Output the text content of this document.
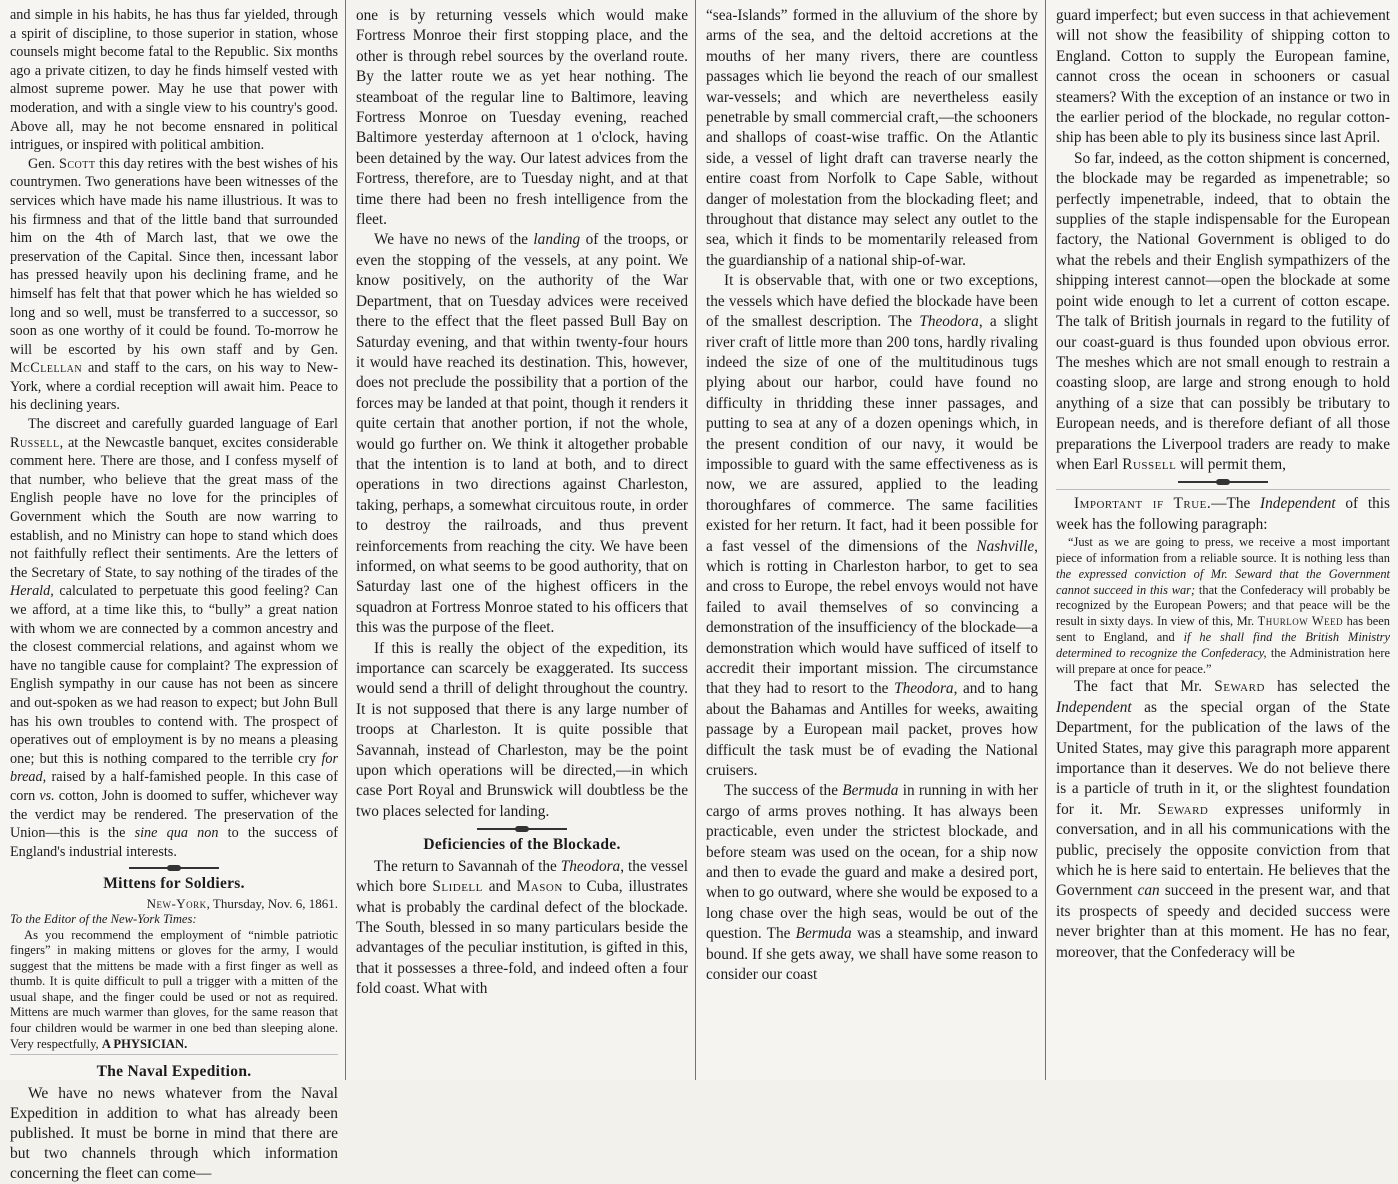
and simple in his habits, he has thus far yielded, through a spirit of discipline, to those superior in station, whose counsels might become fatal to the Republic. Six months ago a private citizen, to day he finds himself vested with almost supreme power. May he use that power with moderation, and with a single view to his country's good. Above all, may he not become ensnared in political intrigues, or inspired with political ambition.

Gen. Scott this day retires with the best wishes of his countrymen. Two generations have been witnesses of the services which have made his name illustrious. It was to his firmness and that of the little band that surrounded him on the 4th of March last, that we owe the preservation of the Capital. Since then, incessant labor has pressed heavily upon his declining frame, and he himself has felt that that power which he has wielded so long and so well, must be transferred to a successor, so soon as one worthy of it could be found. To-morrow he will be escorted by his own staff and by Gen. McClellan and staff to the cars, on his way to New-York, where a cordial reception will await him. Peace to his declining years.

The discreet and carefully guarded language of Earl Russell, at the Newcastle banquet, excites considerable comment here. There are those, and I confess myself of that number, who believe that the great mass of the English people have no love for the principles of Government which the South are now warring to establish, and no Ministry can hope to stand which does not faithfully reflect their sentiments. Are the letters of the Secretary of State, to say nothing of the tirades of the Herald, calculated to perpetuate this good feeling? Can we afford, at a time like this, to “bully” a great nation with whom we are connected by a common ancestry and the closest commercial relations, and against whom we have no tangible cause for complaint? The expression of English sympathy in our cause has not been as sincere and out-spoken as we had reason to expect; but John Bull has his own troubles to contend with. The prospect of operatives out of employment is by no means a pleasing one; but this is nothing compared to the terrible cry for bread, raised by a half-famished people. In this case of corn vs. cotton, John is doomed to suffer, whichever way the verdict may be rendered. The preservation of the Union—this is the sine qua non to the success of England's industrial interests.

Mittens for Soldiers.
New-York, Thursday, Nov. 6, 1861.
To the Editor of the New-York Times:

As you recommend the employment of “nimble patriotic fingers” in making mittens or gloves for the army, I would suggest that the mittens be made with a first finger as well as thumb. It is quite difficult to pull a trigger with a mitten of the usual shape, and the finger could be used or not as required. Mittens are much warmer than gloves, for the same reason that four children would be warmer in one bed than sleeping alone. Very respectfully, A PHYSICIAN.

The Naval Expedition.

We have no news whatever from the Naval Expedition in addition to what has already been published. It must be borne in mind that there are but two channels through which information concerning the fleet can come—

one is by returning vessels which would make Fortress Monroe their first stopping place, and the other is through rebel sources by the overland route. By the latter route we as yet hear nothing. The steamboat of the regular line to Baltimore, leaving Fortress Monroe on Tuesday evening, reached Baltimore yesterday afternoon at 1 o'clock, having been detained by the way. Our latest advices from the Fortress, therefore, are to Tuesday night, and at that time there had been no fresh intelligence from the fleet.

We have no news of the landing of the troops, or even the stopping of the vessels, at any point. We know positively, on the authority of the War Department, that on Tuesday advices were received there to the effect that the fleet passed Bull Bay on Saturday evening, and that within twenty-four hours it would have reached its destination. This, however, does not preclude the possibility that a portion of the forces may be landed at that point, though it renders it quite certain that another portion, if not the whole, would go further on. We think it altogether probable that the intention is to land at both, and to direct operations in two directions against Charleston, taking, perhaps, a somewhat circuitous route, in order to destroy the railroads, and thus prevent reinforcements from reaching the city. We have been informed, on what seems to be good authority, that on Saturday last one of the highest officers in the squadron at Fortress Monroe stated to his officers that this was the purpose of the fleet.

If this is really the object of the expedition, its importance can scarcely be exaggerated. Its success would send a thrill of delight throughout the country. It is not supposed that there is any large number of troops at Charleston. It is quite possible that Savannah, instead of Charleston, may be the point upon which operations will be directed,—in which case Port Royal and Brunswick will doubtless be the two places selected for landing.

Deficiencies of the Blockade.

The return to Savannah of the Theodora, the vessel which bore Slidell and Mason to Cuba, illustrates what is probably the cardinal defect of the blockade. The South, blessed in so many particulars beside the advantages of the peculiar institution, is gifted in this, that it possesses a three-fold, and indeed often a four fold coast. What with

“sea-Islands” formed in the alluvium of the shore by arms of the sea, and the deltoid accretions at the mouths of her many rivers, there are countless passages which lie beyond the reach of our smallest war-vessels; and which are nevertheless easily penetrable by small commercial craft,—the schooners and shallops of coast-wise traffic. On the Atlantic side, a vessel of light draft can traverse nearly the entire coast from Norfolk to Cape Sable, without danger of molestation from the blockading fleet; and throughout that distance may select any outlet to the sea, which it finds to be momentarily released from the guardianship of a national ship-of-war.

It is observable that, with one or two exceptions, the vessels which have defied the blockade have been of the smallest description. The Theodora, a slight river craft of little more than 200 tons, hardly rivaling indeed the size of one of the multitudinous tugs plying about our harbor, could have found no difficulty in thridding these inner passages, and putting to sea at any of a dozen openings which, in the present condition of our navy, it would be impossible to guard with the same effectiveness as is now, we are assured, applied to the leading thoroughfares of commerce. The same facilities existed for her return. It fact, had it been possible for a fast vessel of the dimensions of the Nashville, which is rotting in Charleston harbor, to get to sea and cross to Europe, the rebel envoys would not have failed to avail themselves of so convincing a demonstration of the insufficiency of the blockade—a demonstration which would have sufficed of itself to accredit their important mission. The circumstance that they had to resort to the Theodora, and to hang about the Bahamas and Antilles for weeks, awaiting passage by a European mail packet, proves how difficult the task must be of evading the National cruisers.

The success of the Bermuda in running in with her cargo of arms proves nothing. It has always been practicable, even under the strictest blockade, and before steam was used on the ocean, for a ship now and then to evade the guard and make a desired port, when to go outward, where she would be exposed to a long chase over the high seas, would be out of the question. The Bermuda was a steamship, and inward bound. If she gets away, we shall have some reason to consider our coast

guard imperfect; but even success in that achievement will not show the feasibility of shipping cotton to England. Cotton to supply the European famine, cannot cross the ocean in schooners or casual steamers? With the exception of an instance or two in the earlier period of the blockade, no regular cotton-ship has been able to ply its business since last April.

So far, indeed, as the cotton shipment is concerned, the blockade may be regarded as impenetrable; so perfectly impenetrable, indeed, that to obtain the supplies of the staple indispensable for the European factory, the National Government is obliged to do what the rebels and their English sympathizers of the shipping interest cannot—open the blockade at some point wide enough to let a current of cotton escape. The talk of British journals in regard to the futility of our coast-guard is thus founded upon obvious error. The meshes which are not small enough to restrain a coasting sloop, are large and strong enough to hold anything of a size that can possibly be tributary to European needs, and is therefore defiant of all those preparations the Liverpool traders are ready to make when Earl Russell will permit them,

Important if True.—The Independent of this week has the following paragraph:

“Just as we are going to press, we receive a most important piece of information from a reliable source. It is nothing less than the expressed conviction of Mr. Seward that the Government cannot succeed in this war; that the Confederacy will probably be recognized by the European Powers; and that peace will be the result in sixty days. In view of this, Mr. Thurlow Weed has been sent to England, and if he shall find the British Ministry determined to recognize the Confederacy, the Administration here will prepare at once for peace.”

The fact that Mr. Seward has selected the Independent as the special organ of the State Department, for the publication of the laws of the United States, may give this paragraph more apparent importance than it deserves. We do not believe there is a particle of truth in it, or the slightest foundation for it. Mr. Seward expresses uniformly in conversation, and in all his communications with the public, precisely the opposite conviction from that which he is here said to entertain. He believes that the Government can succeed in the present war, and that its prospects of speedy and decided success were never brighter than at this moment. He has no fear, moreover, that the Confederacy will be
